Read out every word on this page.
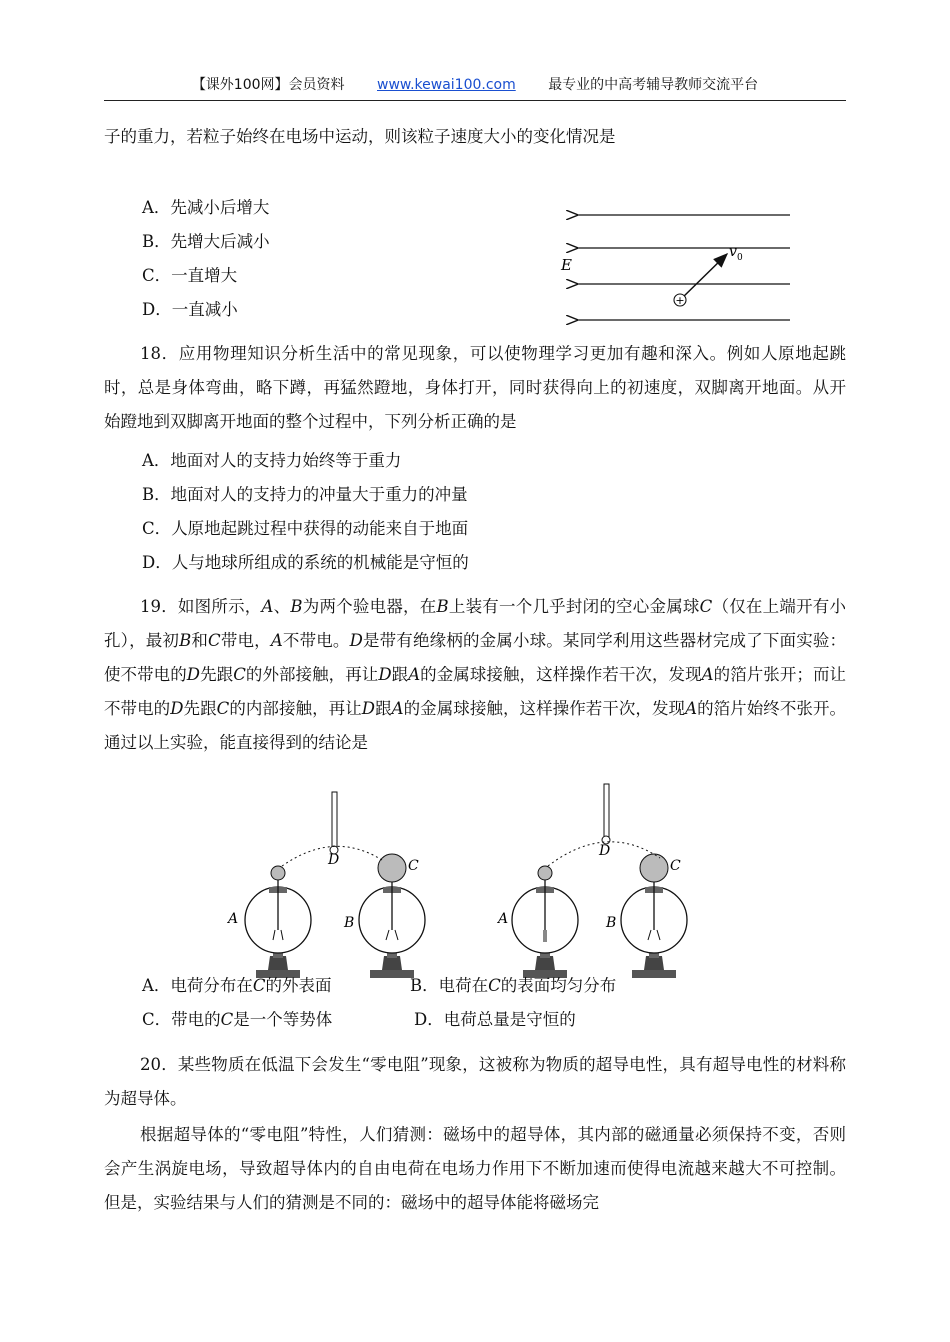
【课外100网】会员资料 www.kewai100.com 最专业的中高考辅导教师交流平台
子的重力，若粒子始终在电场中运动，则该粒子速度大小的变化情况是
A．先减小后增大
B．先增大后减小
C．一直增大
D．一直减小	+
E
v 0
18．应用物理知识分析生活中的常见现象，可以使物理学习更加有趣和深入。例如人原地起跳时，总是身体弯曲，略下蹲，再猛然蹬地，身体打开，同时获得向上的初速度，双脚离开地面。从开始蹬地到双脚离开地面的整个过程中，下列分析正确的是
A．地面对人的支持力始终等于重力
B．地面对人的支持力的冲量大于重力的冲量
C．人原地起跳过程中获得的动能来自于地面
D．人与地球所组成的系统的机械能是守恒的
19．如图所示，A、B为两个验电器，在B上装有一个几乎封闭的空心金属球C（仅在上端开有小孔），最初B和C带电，A不带电。D是带有绝缘柄的金属小球。某同学利用这些器材完成了下面实验：使不带电的D先跟C的外部接触，再让D跟A的金属球接触，这样操作若干次，发现A的箔片张开；而让不带电的D先跟C的内部接触，再让D跟A的金属球接触，这样操作若干次，发现A的箔片始终不张开。通过以上实验，能直接得到的结论是
A	B
C
D
A	B
C
D
A．电荷分布在C的外表面	B．电荷在C的表面均匀分布
C．带电的C是一个等势体	D．电荷总量是守恒的
20．某些物质在低温下会发生“零电阻”现象，这被称为物质的超导电性，具有超导电性的材料称为超导体。
根据超导体的“零电阻”特性，人们猜测：磁场中的超导体，其内部的磁通量必须保持不变，否则会产生涡旋电场，导致超导体内的自由电荷在电场力作用下不断加速而使得电流越来越大不可控制。但是，实验结果与人们的猜测是不同的：磁场中的超导体能将磁场完
